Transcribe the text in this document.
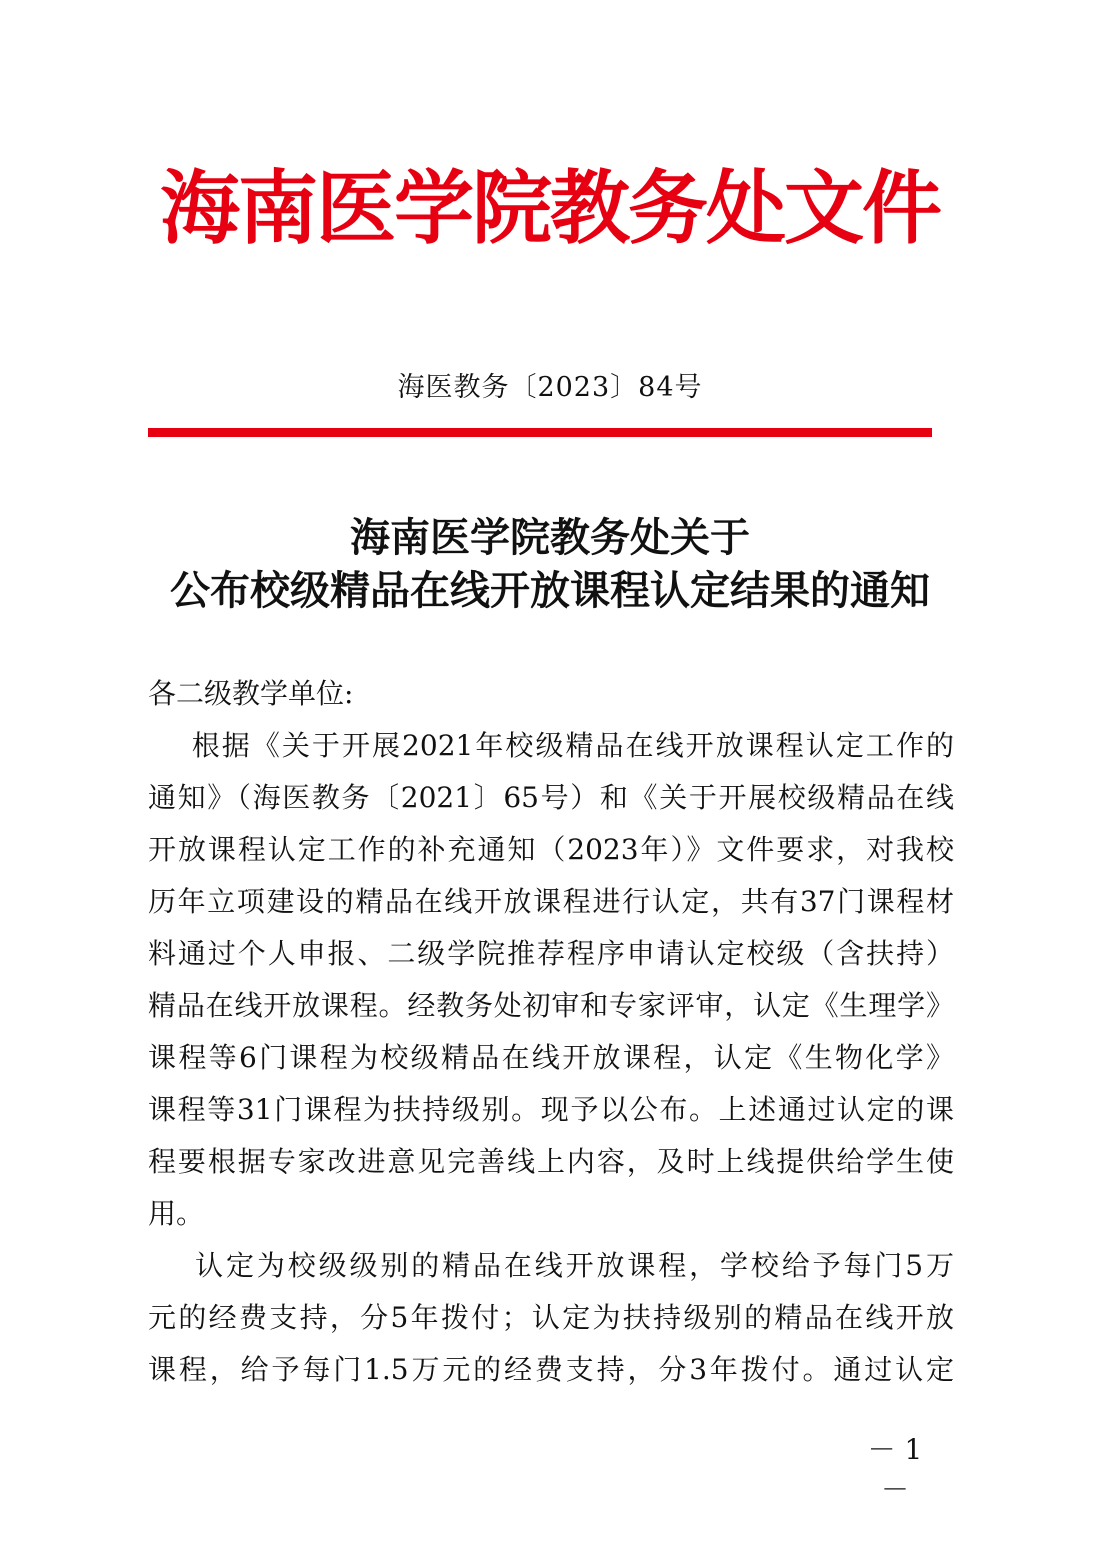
海南医学院教务处文件
海医教务〔2023〕84号
海南医学院教务处关于
公布校级精品在线开放课程认定结果的通知
各二级教学单位:
根据《关于开展2021年校级精品在线开放课程认定工作的
通知》（海医教务〔2021〕65号）和《关于开展校级精品在线
开放课程认定工作的补充通知（2023年）》文件要求，对我校
历年立项建设的精品在线开放课程进行认定，共有37门课程材
料通过个人申报、二级学院推荐程序申请认定校级（含扶持）
精品在线开放课程。经教务处初审和专家评审，认定《生理学》
课程等6门课程为校级精品在线开放课程，认定《生物化学》
课程等31门课程为扶持级别。现予以公布。上述通过认定的课
程要根据专家改进意见完善线上内容，及时上线提供给学生使
用。
认定为校级级别的精品在线开放课程，学校给予每门5万
元的经费支持，分5年拨付；认定为扶持级别的精品在线开放
课程，给予每门1.5万元的经费支持，分3年拨付。通过认定
－ 1 －
